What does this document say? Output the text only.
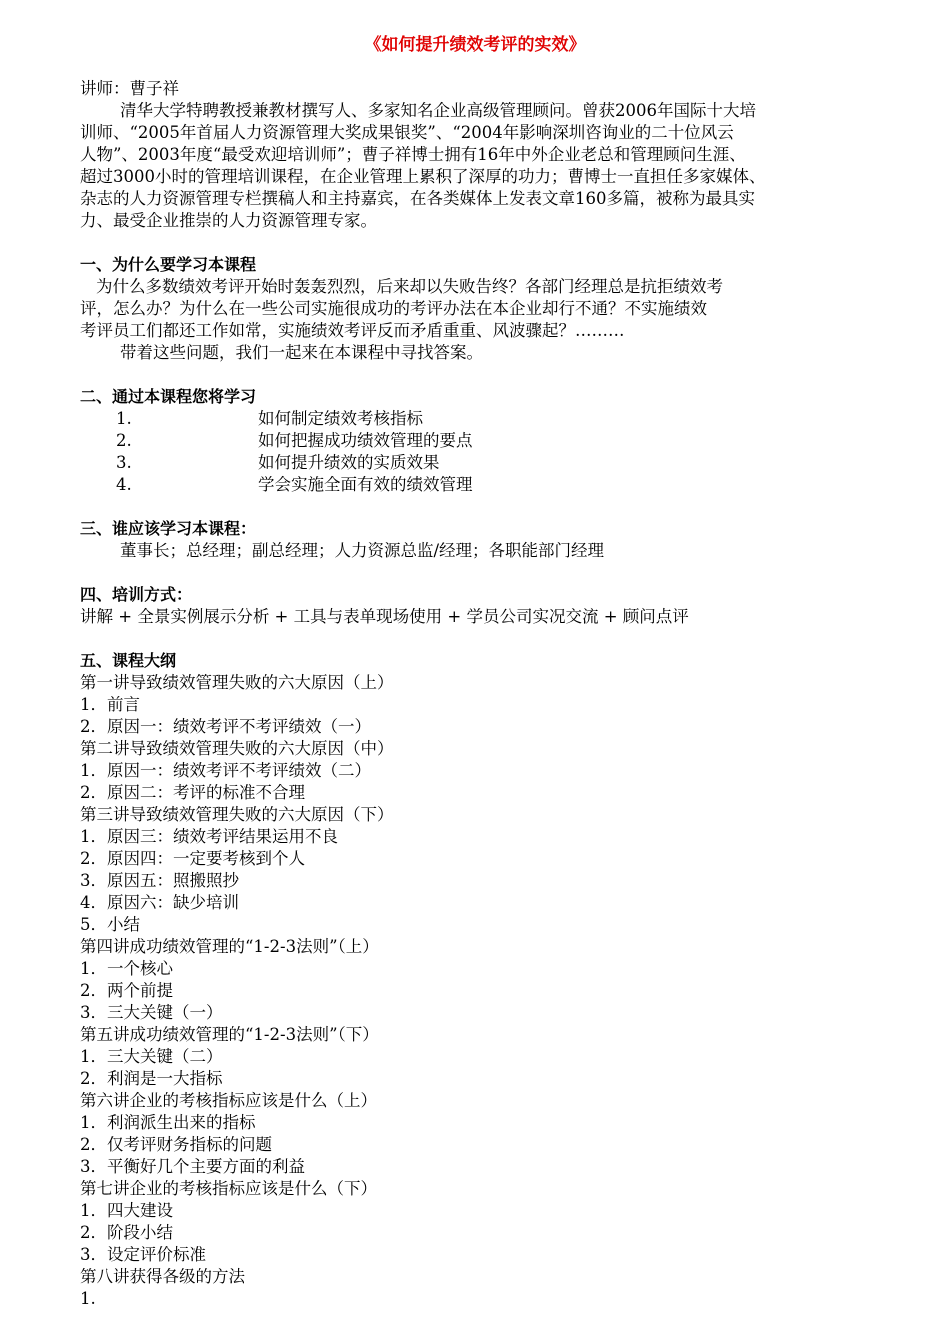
《如何提升绩效考评的实效》
讲师：曹子祥
清华大学特聘教授兼教材撰写人、多家知名企业高级管理顾问。曾获2006年国际十大培
训师、“2005年首届人力资源管理大奖成果银奖”、“2004年影响深圳咨询业的二十位风云
人物”、2003年度“最受欢迎培训师”；曹子祥博士拥有16年中外企业老总和管理顾问生涯、
超过3000小时的管理培训课程，在企业管理上累积了深厚的功力；曹博士一直担任多家媒体、
杂志的人力资源管理专栏撰稿人和主持嘉宾，在各类媒体上发表文章160多篇，被称为最具实
力、最受企业推崇的人力资源管理专家。
一、为什么要学习本课程
为什么多数绩效考评开始时轰轰烈烈，后来却以失败告终？各部门经理总是抗拒绩效考
评，怎么办？为什么在一些公司实施很成功的考评办法在本企业却行不通？不实施绩效
考评员工们都还工作如常，实施绩效考评反而矛盾重重、风波骤起？………
带着这些问题，我们一起来在本课程中寻找答案。
二、通过本课程您将学习
1.	如何制定绩效考核指标
2.	如何把握成功绩效管理的要点
3.	如何提升绩效的实质效果
4.	学会实施全面有效的绩效管理
三、谁应该学习本课程：
董事长；总经理；副总经理；人力资源总监/经理；各职能部门经理
四、培训方式：
讲解 + 全景实例展示分析 + 工具与表单现场使用 + 学员公司实况交流 + 顾问点评
五、课程大纲
第一讲导致绩效管理失败的六大原因（上）
1．前言
2．原因一：绩效考评不考评绩效（一）
第二讲导致绩效管理失败的六大原因（中）
1．原因一：绩效考评不考评绩效（二）
2．原因二：考评的标准不合理
第三讲导致绩效管理失败的六大原因（下）
1．原因三：绩效考评结果运用不良
2．原因四：一定要考核到个人
3．原因五：照搬照抄
4．原因六：缺少培训
5．小结
第四讲成功绩效管理的“1-2-3法则”（上）
1．一个核心
2．两个前提
3．三大关键（一）
第五讲成功绩效管理的“1-2-3法则”（下）
1．三大关键（二）
2．利润是一大指标
第六讲企业的考核指标应该是什么（上）
1．利润派生出来的指标
2．仅考评财务指标的问题
3．平衡好几个主要方面的利益
第七讲企业的考核指标应该是什么（下）
1．四大建设
2．阶段小结
3．设定评价标准
第八讲获得各级的方法
1.
